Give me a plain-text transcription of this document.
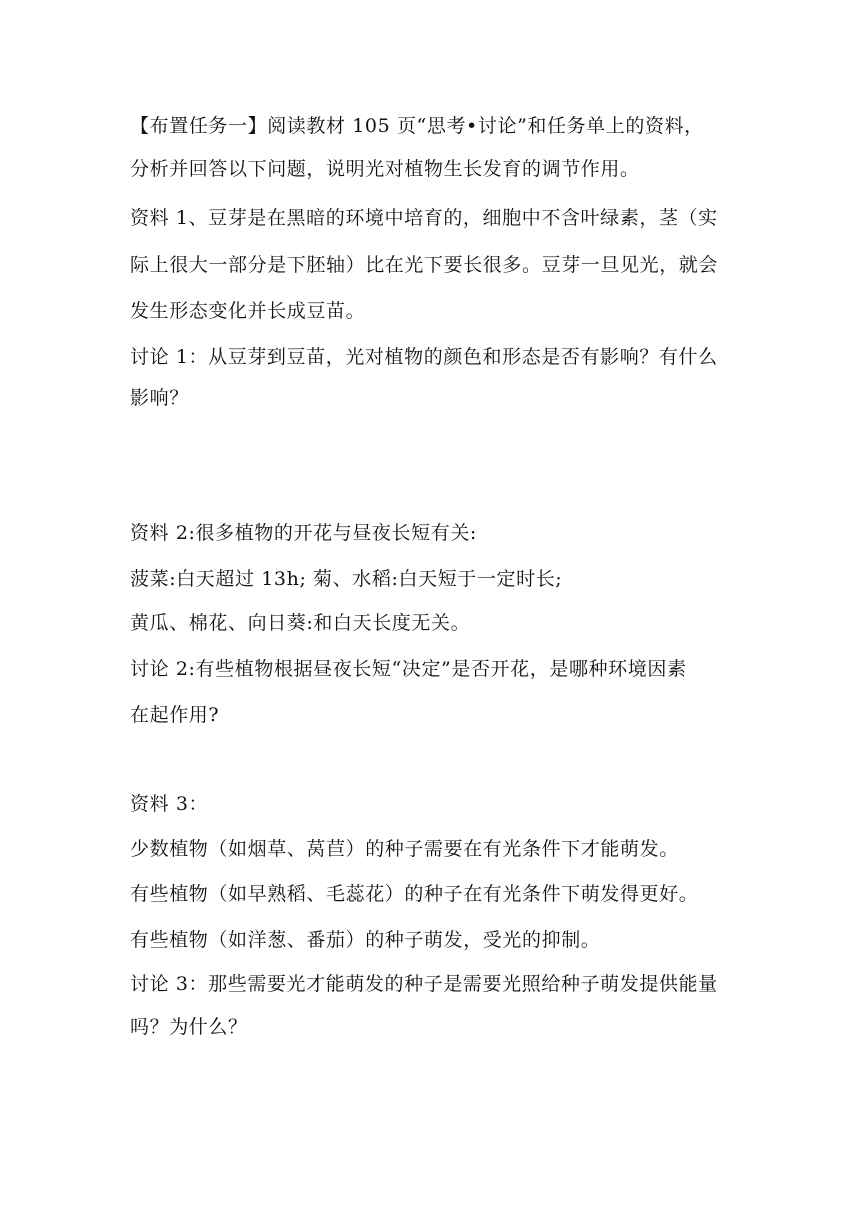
【布置任务一】阅读教材 105 页“思考•讨论”和任务单上的资料，
分析并回答以下问题，说明光对植物生长发育的调节作用。
资料 1、豆芽是在黑暗的环境中培育的，细胞中不含叶绿素，茎（实
际上很大一部分是下胚轴）比在光下要长很多。豆芽一旦见光，就会
发生形态变化并长成豆苗。
讨论 1：从豆芽到豆苗，光对植物的颜色和形态是否有影响？有什么
影响？
资料 2:很多植物的开花与昼夜长短有关:
菠菜:白天超过 13h; 菊、水稻:白天短于一定时长;
黄瓜、棉花、向日葵:和白天长度无关。
讨论 2:有些植物根据昼夜长短“决定”是否开花，是哪种环境因素
在起作用?
资料 3：
少数植物（如烟草、莴苣）的种子需要在有光条件下才能萌发。
有些植物（如早熟稻、毛蕊花）的种子在有光条件下萌发得更好。
有些植物（如洋葱、番茄）的种子萌发，受光的抑制。
讨论 3：那些需要光才能萌发的种子是需要光照给种子萌发提供能量
吗？为什么？
